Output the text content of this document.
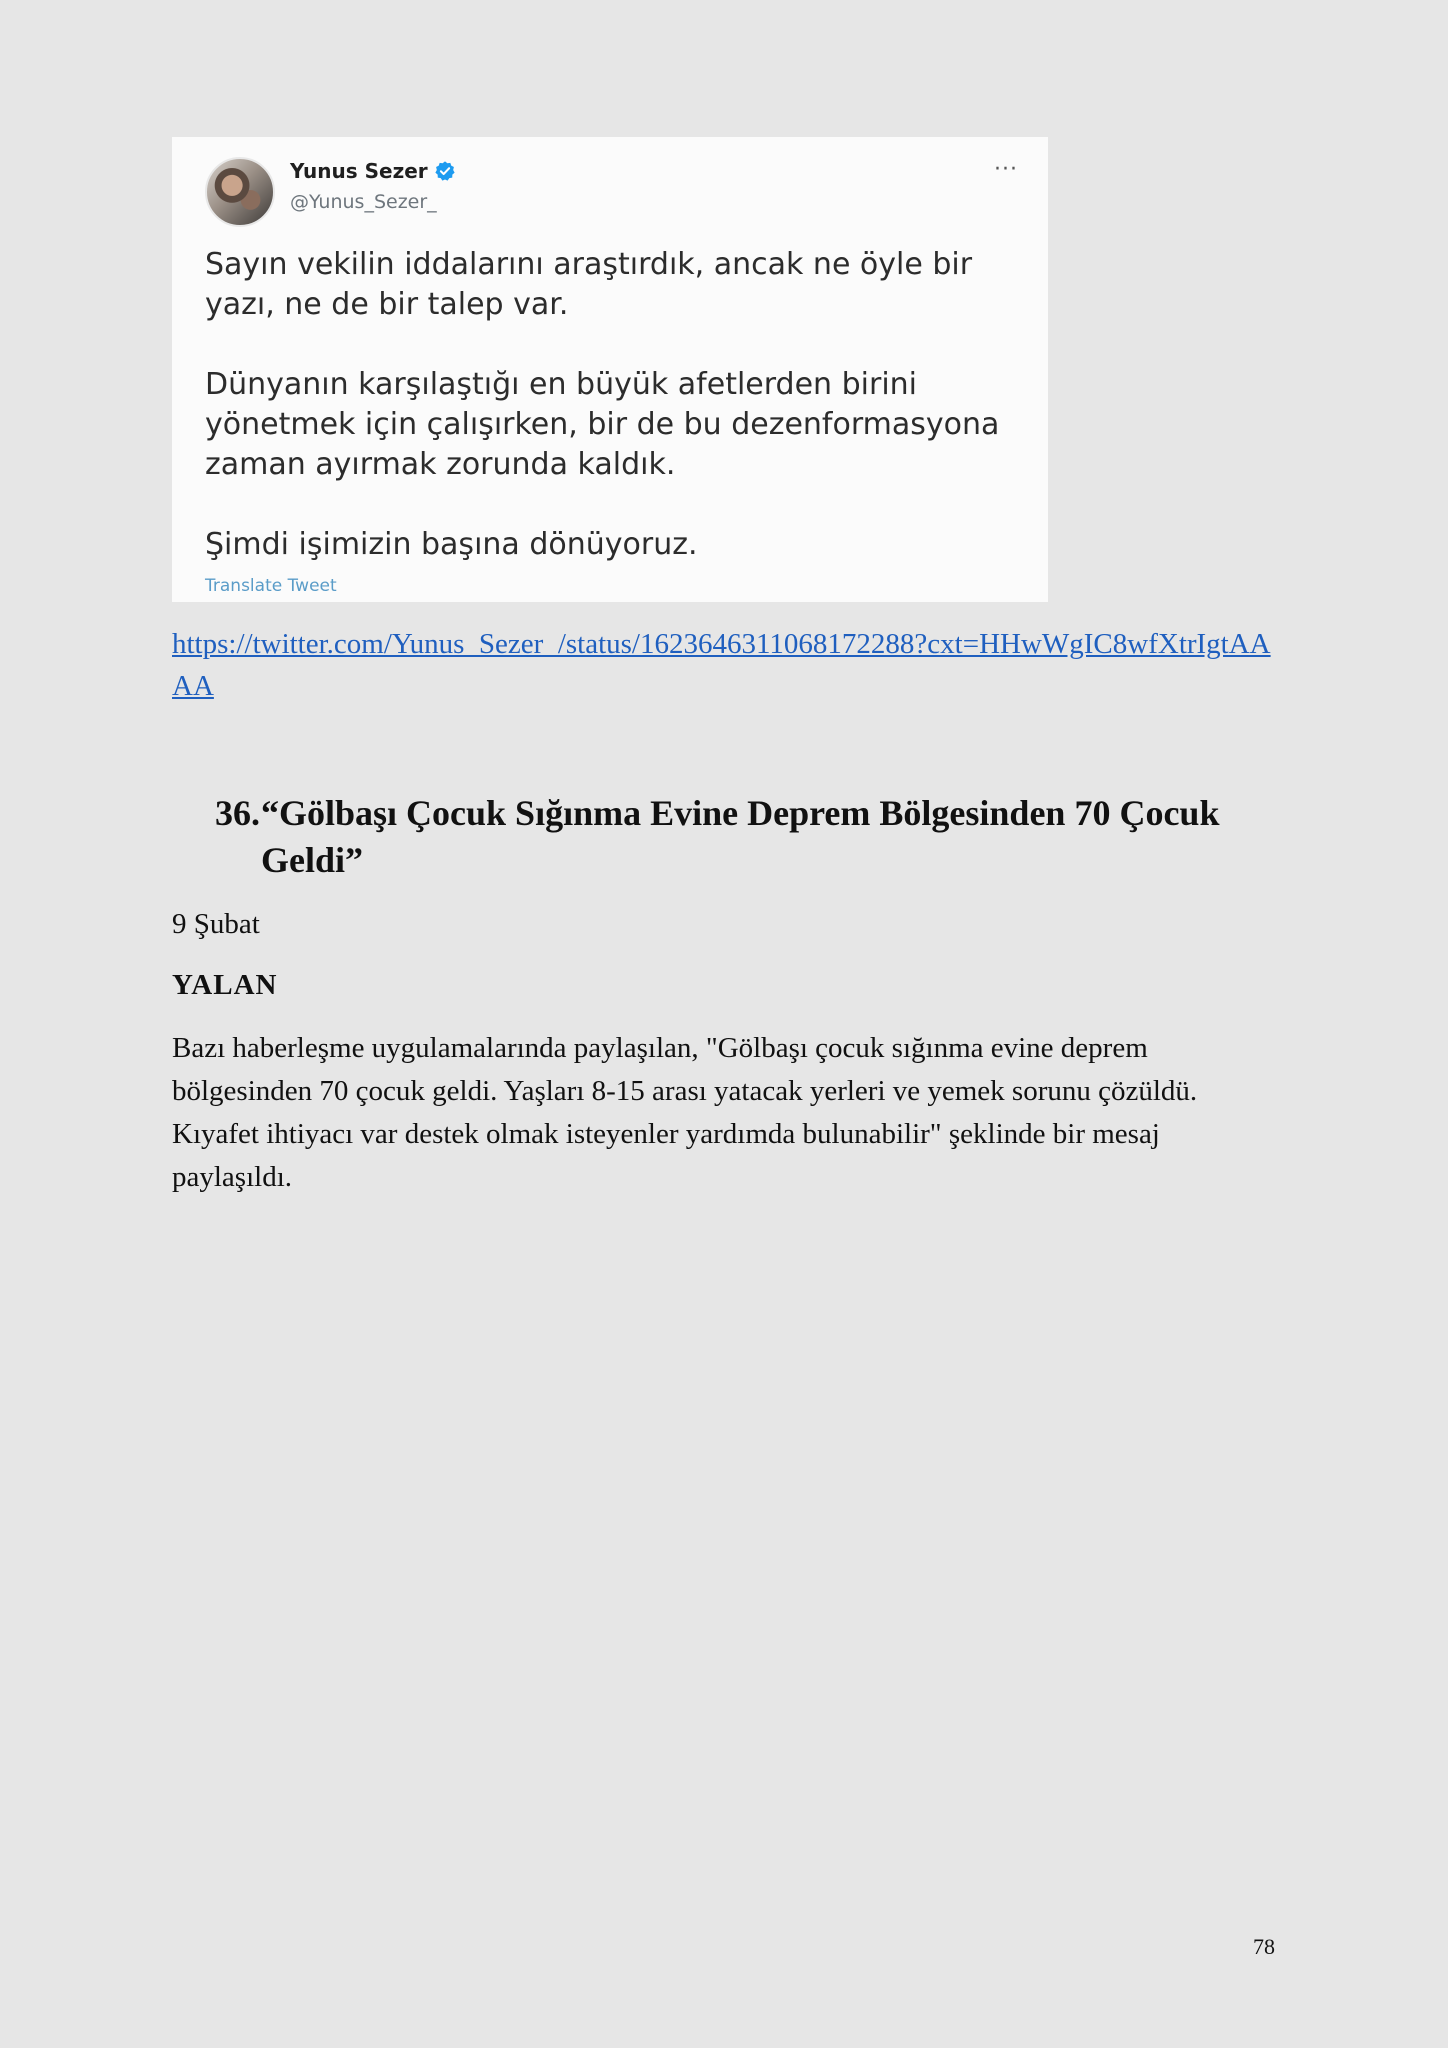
Yunus Sezer
@Yunus_Sezer_
···

Sayın vekilin iddalarını araştırdık, ancak ne öyle bir yazı, ne de bir talep var.

Dünyanın karşılaştığı en büyük afetlerden birini yönetmek için çalışırken, bir de bu dezenformasyona zaman ayırmak zorunda kaldık.

Şimdi işimizin başına dönüyoruz.

Translate Tweet
https://twitter.com/Yunus_Sezer_/status/1623646311068172288?cxt=HHwWgIC8wfXtrIgtAAAA
36. “Gölbaşı Çocuk Sığınma Evine Deprem Bölgesinden 70 Çocuk Geldi”
9 Şubat
YALAN

Bazı haberleşme uygulamalarında paylaşılan, "Gölbaşı çocuk sığınma evine deprem bölgesinden 70 çocuk geldi. Yaşları 8-15 arası yatacak yerleri ve yemek sorunu çözüldü. Kıyafet ihtiyacı var destek olmak isteyenler yardımda bulunabilir" şeklinde bir mesaj paylaşıldı.

78
